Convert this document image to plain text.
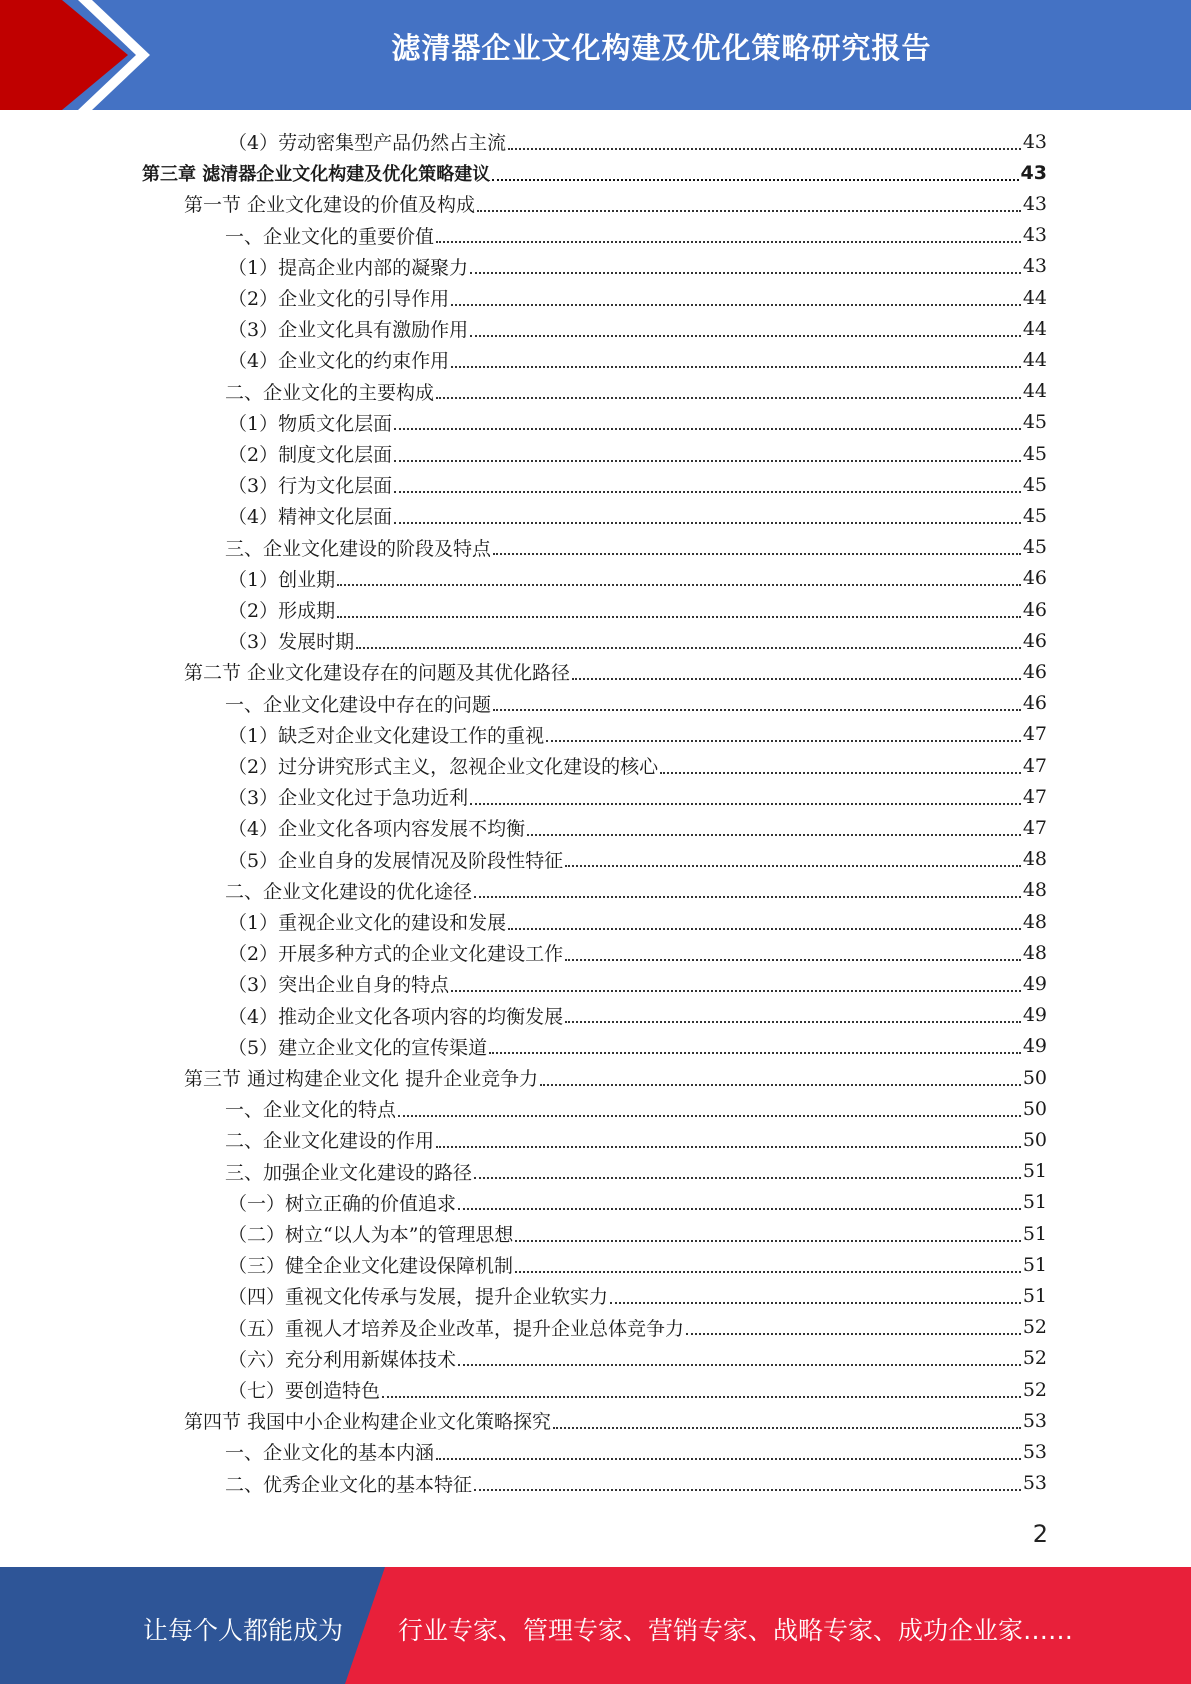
滤清器企业文化构建及优化策略研究报告
（4）劳动密集型产品仍然占主流	43
第三章 滤清器企业文化构建及优化策略建议	43
第一节 企业文化建设的价值及构成	43
一、企业文化的重要价值	43
（1）提高企业内部的凝聚力	43
（2）企业文化的引导作用	44
（3）企业文化具有激励作用	44
（4）企业文化的约束作用	44
二、企业文化的主要构成	44
（1）物质文化层面	45
（2）制度文化层面	45
（3）行为文化层面	45
（4）精神文化层面	45
三、企业文化建设的阶段及特点	45
（1）创业期	46
（2）形成期	46
（3）发展时期	46
第二节 企业文化建设存在的问题及其优化路径	46
一、企业文化建设中存在的问题	46
（1）缺乏对企业文化建设工作的重视	47
（2）过分讲究形式主义，忽视企业文化建设的核心	47
（3）企业文化过于急功近利	47
（4）企业文化各项内容发展不均衡	47
（5）企业自身的发展情况及阶段性特征	48
二、企业文化建设的优化途径	48
（1）重视企业文化的建设和发展	48
（2）开展多种方式的企业文化建设工作	48
（3）突出企业自身的特点	49
（4）推动企业文化各项内容的均衡发展	49
（5）建立企业文化的宣传渠道	49
第三节 通过构建企业文化 提升企业竞争力	50
一、企业文化的特点	50
二、企业文化建设的作用	50
三、加强企业文化建设的路径	51
（一）树立正确的价值追求	51
（二）树立“以人为本”的管理思想	51
（三）健全企业文化建设保障机制	51
（四）重视文化传承与发展，提升企业软实力	51
（五）重视人才培养及企业改革，提升企业总体竞争力	52
（六）充分利用新媒体技术	52
（七）要创造特色	52
第四节 我国中小企业构建企业文化策略探究	53
一、企业文化的基本内涵	53
二、优秀企业文化的基本特征	53
2
让每个人都能成为 行业专家、管理专家、营销专家、战略专家、成功企业家……
